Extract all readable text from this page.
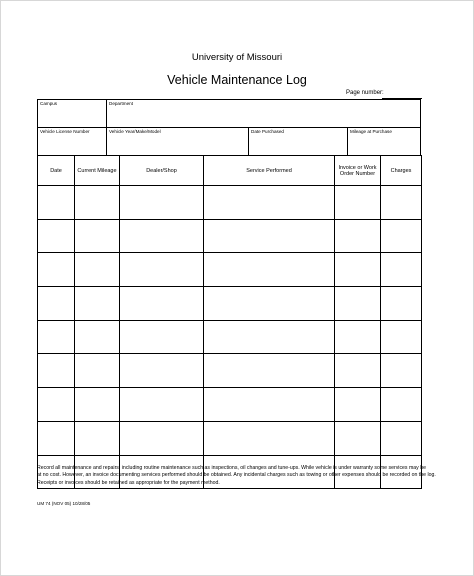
University of Missouri
Vehicle Maintenance Log
Page number:
Campus	Department		
Vehicle License Number	Vehicle Year/Make/Model	Date Purchased	Mileage at Purchase
Date	Current Mileage	Dealer/Shop	Service Performed	Invoice or Work Order Number	Charges

Record all maintenance and repairs, including routine maintenance such as inspections, oil changes and tune-ups. While vehicle is under warranty some services may be
at no cost. However, an invoice documenting services performed should be obtained. Any incidental charges such as towing or other expenses should be recorded on the log.
Receipts or invoices should be retained as appropriate for the payment method.
UM 74 (NOV 05) 10/28/05
